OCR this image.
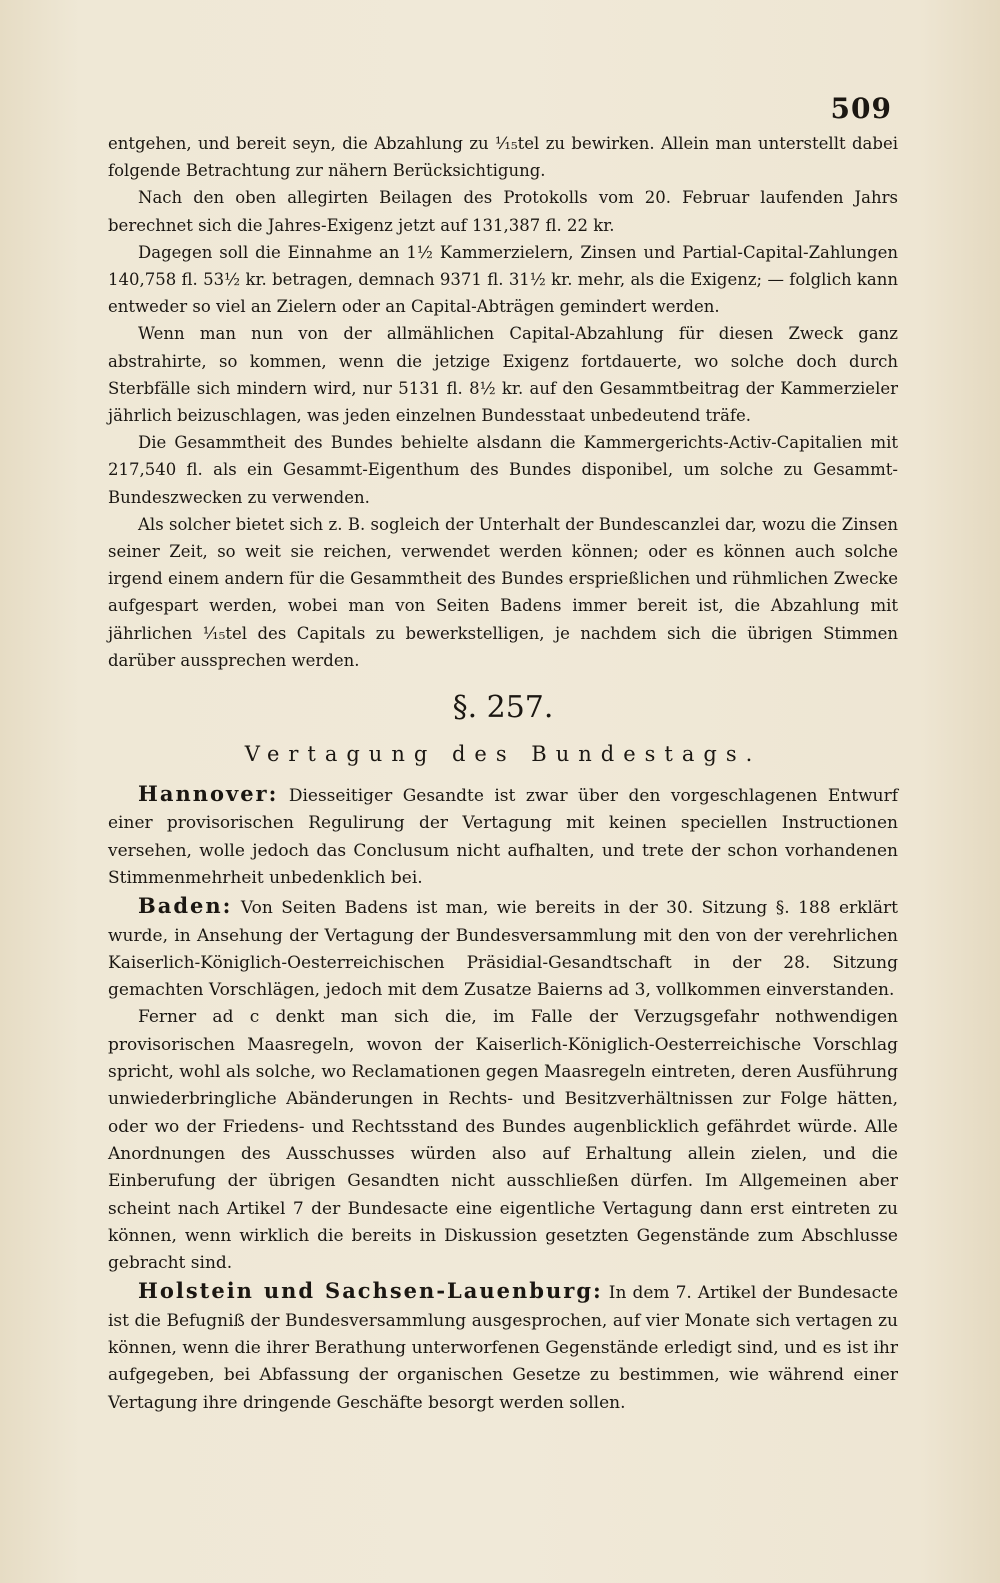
509

entgehen, und bereit seyn, die Abzahlung zu ¹⁄₁₅tel zu bewirken. Allein man unterstellt dabei folgende Betrachtung zur nähern Berücksichtigung.

Nach den oben allegirten Beilagen des Protokolls vom 20. Februar laufenden Jahrs berechnet sich die Jahres-Exigenz jetzt auf 131,387 fl. 22 kr.

Dagegen soll die Einnahme an 1½ Kammerzielern, Zinsen und Partial-Capital-Zahlungen 140,758 fl. 53½ kr. betragen, demnach 9371 fl. 31½ kr. mehr, als die Exigenz; — folglich kann entweder so viel an Zielern oder an Capital-Abträgen gemindert werden.

Wenn man nun von der allmählichen Capital-Abzahlung für diesen Zweck ganz abstrahirte, so kommen, wenn die jetzige Exigenz fortdauerte, wo solche doch durch Sterbfälle sich mindern wird, nur 5131 fl. 8½ kr. auf den Gesammtbeitrag der Kammerzieler jährlich beizuschlagen, was jeden einzelnen Bundesstaat unbedeutend träfe.

Die Gesammtheit des Bundes behielte alsdann die Kammergerichts-Activ-Capitalien mit 217,540 fl. als ein Gesammt-Eigenthum des Bundes disponibel, um solche zu Gesammt-Bundeszwecken zu verwenden.

Als solcher bietet sich z. B. sogleich der Unterhalt der Bundescanzlei dar, wozu die Zinsen seiner Zeit, so weit sie reichen, verwendet werden können; oder es können auch solche irgend einem andern für die Gesammtheit des Bundes ersprießlichen und rühmlichen Zwecke aufgespart werden, wobei man von Seiten Badens immer bereit ist, die Abzahlung mit jährlichen ¹⁄₁₅tel des Capitals zu bewerkstelligen, je nachdem sich die übrigen Stimmen darüber aussprechen werden.

§. 257.
Vertagung des Bundestags.

Hannover: Diesseitiger Gesandte ist zwar über den vorgeschlagenen Entwurf einer provisorischen Regulirung der Vertagung mit keinen speciellen Instructionen versehen, wolle jedoch das Conclusum nicht aufhalten, und trete der schon vorhandenen Stimmenmehrheit unbedenklich bei.

Baden: Von Seiten Badens ist man, wie bereits in der 30. Sitzung §. 188 erklärt wurde, in Ansehung der Vertagung der Bundesversammlung mit den von der verehrlichen Kaiserlich-Königlich-Oesterreichischen Präsidial-Gesandtschaft in der 28. Sitzung gemachten Vorschlägen, jedoch mit dem Zusatze Baierns ad 3, vollkommen einverstanden.

Ferner ad c denkt man sich die, im Falle der Verzugsgefahr nothwendigen provisorischen Maasregeln, wovon der Kaiserlich-Königlich-Oesterreichische Vorschlag spricht, wohl als solche, wo Reclamationen gegen Maasregeln eintreten, deren Ausführung unwiederbringliche Abänderungen in Rechts- und Besitzverhältnissen zur Folge hätten, oder wo der Friedens- und Rechtsstand des Bundes augenblicklich gefährdet würde. Alle Anordnungen des Ausschusses würden also auf Erhaltung allein zielen, und die Einberufung der übrigen Gesandten nicht ausschließen dürfen. Im Allgemeinen aber scheint nach Artikel 7 der Bundesacte eine eigentliche Vertagung dann erst eintreten zu können, wenn wirklich die bereits in Diskussion gesetzten Gegenstände zum Abschlusse gebracht sind.

Holstein und Sachsen-Lauenburg: In dem 7. Artikel der Bundesacte ist die Befugniß der Bundesversammlung ausgesprochen, auf vier Monate sich vertagen zu können, wenn die ihrer Berathung unterworfenen Gegenstände erledigt sind, und es ist ihr aufgegeben, bei Abfassung der organischen Gesetze zu bestimmen, wie während einer Vertagung ihre dringende Geschäfte besorgt werden sollen.
